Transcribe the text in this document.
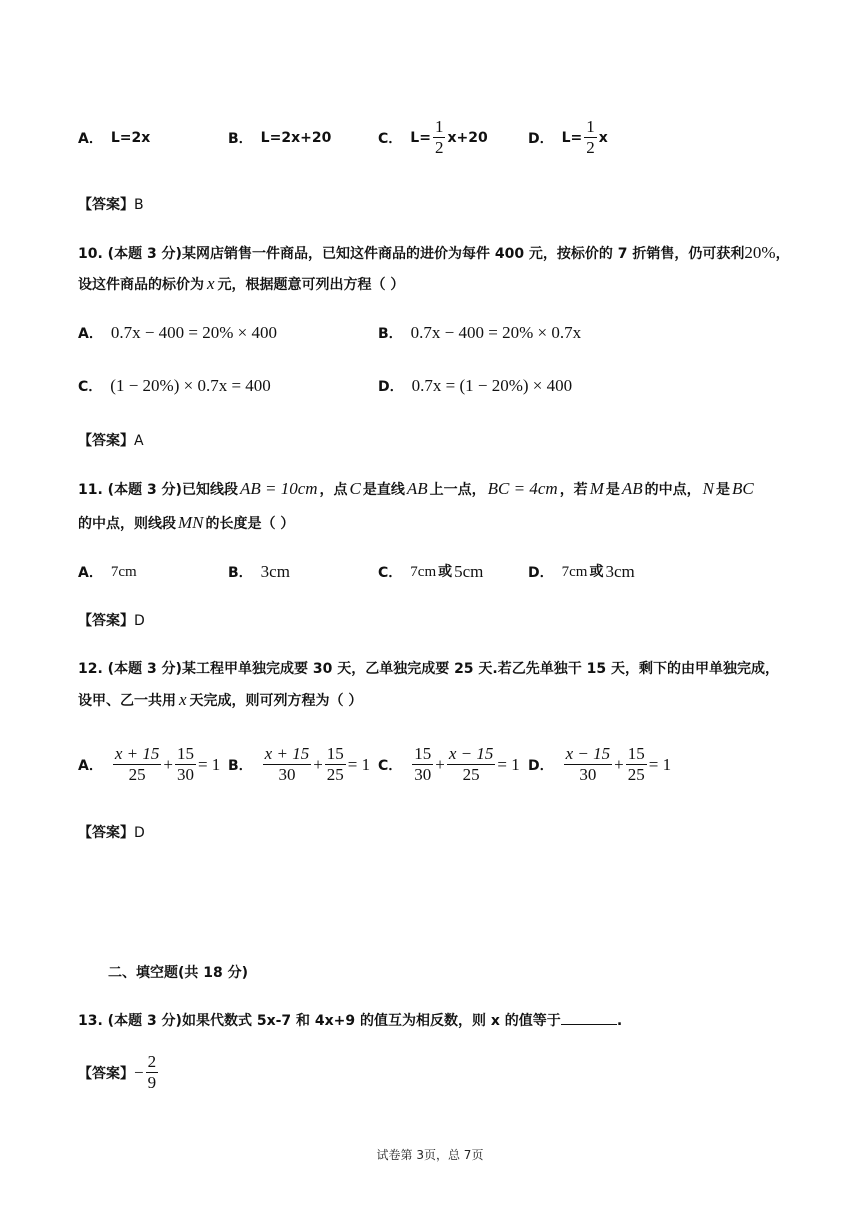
A． L=2x	B． L=2x+20	C． $L= \frac{1}{2} x+20$	D． $L= \frac{1}{2}$ x
【答案】B
10. (本题 3 分)某网店销售一件商品，已知这件商品的进价为每件 400 元，按标价的 7 折销售，仍可获利20%，
设这件商品的标价为 x 元，根据题意可列出方程（ ）
A． 0.7x − 400 = 20% × 400	B． 0.7x − 400 = 20% × 0.7x
C． (1 − 20%) × 0.7x = 400	D． 0.7x = (1 − 20%) × 400
【答案】A
11. (本题 3 分)已知线段 AB = 10cm ，点 C 是直线 AB 上一点， BC = 4cm ，若 M 是 AB 的中点， N 是 BC
的中点，则线段 MN 的长度是（ ）
A． 7cm	B． 3cm	C． 7cm 或 5cm	D． 7cm 或 3cm
【答案】D
12. (本题 3 分)某工程甲单独完成要 30 天，乙单独完成要 25 天.若乙先单独干 15 天，剩下的由甲单独完成，
设甲、乙一共用 x 天完成，则可列方程为（ ）
A． $\frac{x + 15}{25} + \frac{15}{30} = 1$ B． $\frac{x + 15}{30} + \frac{15}{25} = 1$ C． $\frac{15}{30} + \frac{x - 15}{25} = 1$ D． $\frac{x - 15}{30} + \frac{15}{25} = 1$
【答案】D
二、填空题(共 18 分)
13. (本题 3 分)如果代数式 5x-7 和 4x+9 的值互为相反数，则 x 的值等于	.
【答案】 − $\frac{2}{9}$
试卷第 3页，总 7页
